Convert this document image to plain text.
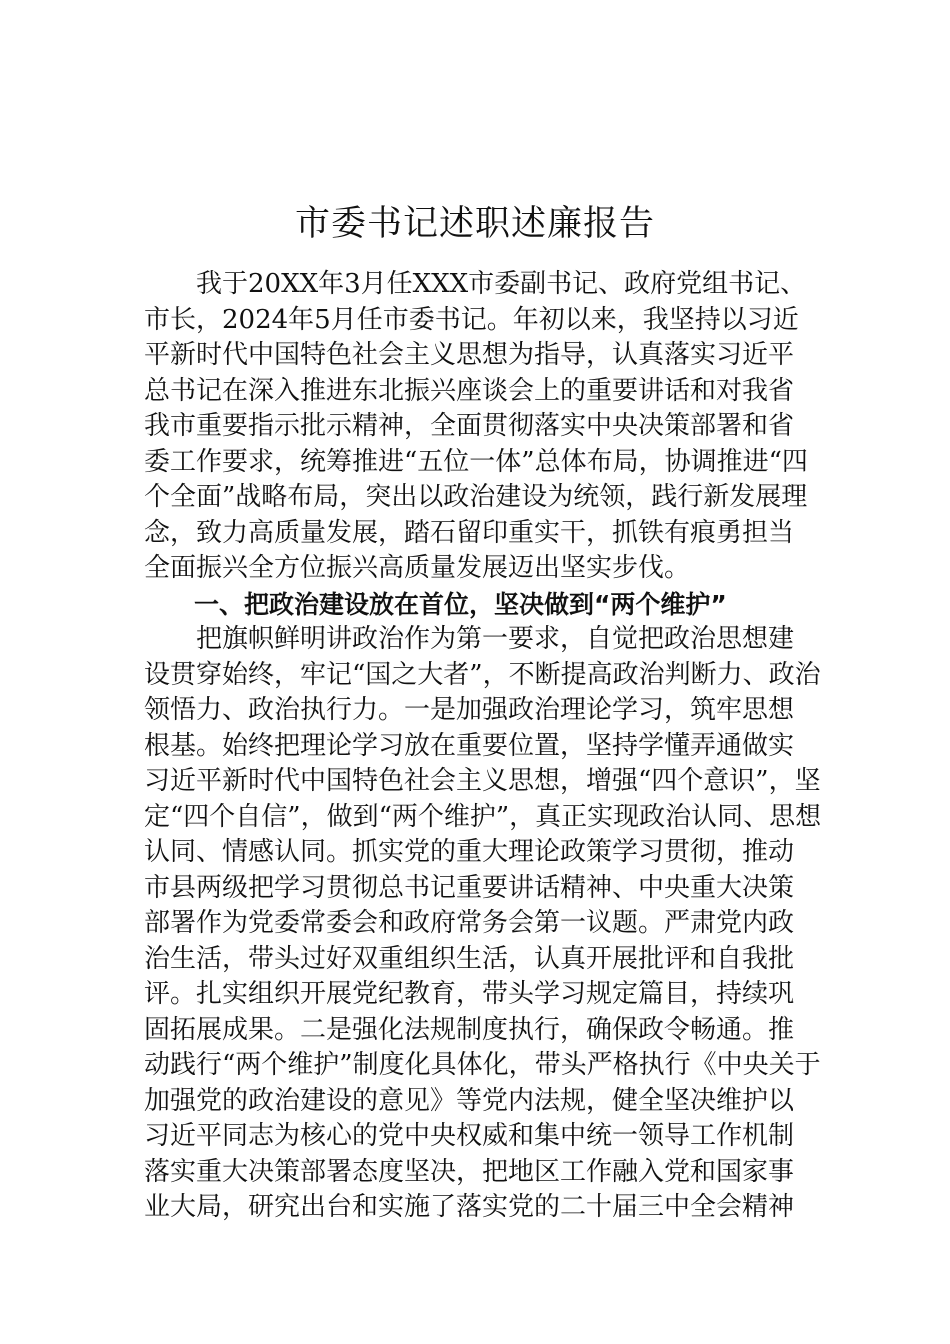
市委书记述职述廉报告
　　我于20XX年3月任XXX市委副书记、政府党组书记、
市长，2024年5月任市委书记。年初以来，我坚持以习近
平新时代中国特色社会主义思想为指导，认真落实习近平
总书记在深入推进东北振兴座谈会上的重要讲话和对我省
我市重要指示批示精神，全面贯彻落实中央决策部署和省
委工作要求，统筹推进“五位一体”总体布局，协调推进“四
个全面”战略布局，突出以政治建设为统领，践行新发展理
念，致力高质量发展，踏石留印重实干，抓铁有痕勇担当
全面振兴全方位振兴高质量发展迈出坚实步伐。
　　一、把政治建设放在首位，坚决做到“两个维护”
　　把旗帜鲜明讲政治作为第一要求，自觉把政治思想建
设贯穿始终，牢记“国之大者”，不断提高政治判断力、政治
领悟力、政治执行力。一是加强政治理论学习，筑牢思想
根基。始终把理论学习放在重要位置，坚持学懂弄通做实
习近平新时代中国特色社会主义思想，增强“四个意识”，坚
定“四个自信”，做到“两个维护”，真正实现政治认同、思想
认同、情感认同。抓实党的重大理论政策学习贯彻，推动
市县两级把学习贯彻总书记重要讲话精神、中央重大决策
部署作为党委常委会和政府常务会第一议题。严肃党内政
治生活，带头过好双重组织生活，认真开展批评和自我批
评。扎实组织开展党纪教育，带头学习规定篇目，持续巩
固拓展成果。二是强化法规制度执行，确保政令畅通。推
动践行“两个维护”制度化具体化，带头严格执行《中央关于
加强党的政治建设的意见》等党内法规，健全坚决维护以
习近平同志为核心的党中央权威和集中统一领导工作机制
落实重大决策部署态度坚决，把地区工作融入党和国家事
业大局，研究出台和实施了落实党的二十届三中全会精神
